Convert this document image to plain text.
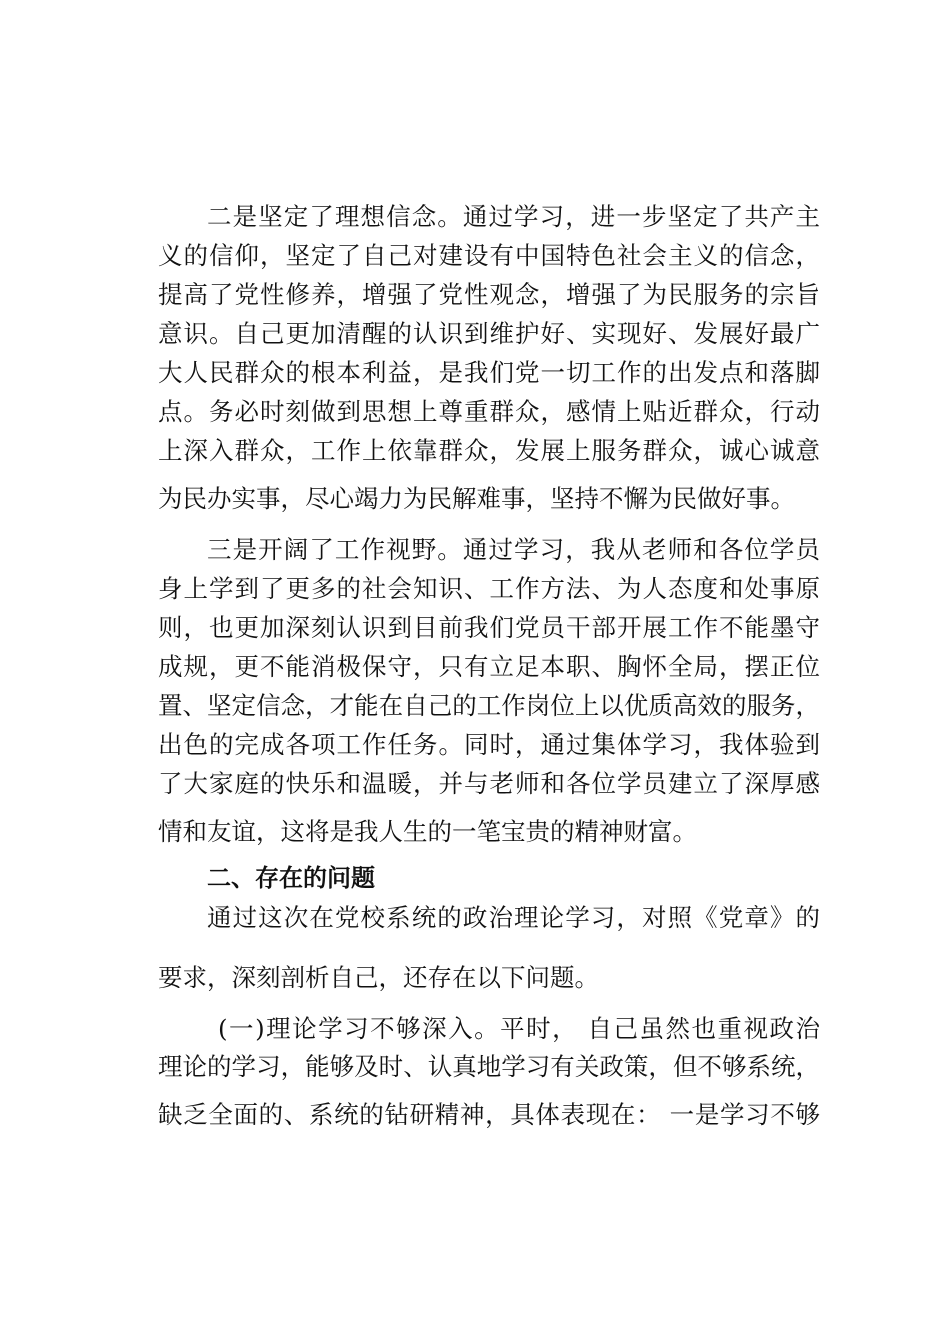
二是坚定了理想信念。通过学习，进一步坚定了共产主
义的信仰，坚定了自己对建设有中国特色社会主义的信念，
提高了党性修养，增强了党性观念，增强了为民服务的宗旨
意识。自己更加清醒的认识到维护好、实现好、发展好最广
大人民群众的根本利益，是我们党一切工作的出发点和落脚
点。务必时刻做到思想上尊重群众，感情上贴近群众，行动
上深入群众，工作上依靠群众，发展上服务群众，诚心诚意
为民办实事，尽心竭力为民解难事，坚持不懈为民做好事。
三是开阔了工作视野。通过学习，我从老师和各位学员
身上学到了更多的社会知识、工作方法、为人态度和处事原
则，也更加深刻认识到目前我们党员干部开展工作不能墨守
成规，更不能消极保守，只有立足本职、胸怀全局，摆正位
置、坚定信念，才能在自己的工作岗位上以优质高效的服务，
出色的完成各项工作任务。同时，通过集体学习，我体验到
了大家庭的快乐和温暖，并与老师和各位学员建立了深厚感
情和友谊，这将是我人生的一笔宝贵的精神财富。
二、存在的问题
通过这次在党校系统的政治理论学习，对照《党章》的
要求，深刻剖析自己，还存在以下问题。
(一)理论学习不够深入。平时， 自己虽然也重视政治
理论的学习，能够及时、认真地学习有关政策，但不够系统，
缺乏全面的、系统的钻研精神，具体表现在： 一是学习不够
